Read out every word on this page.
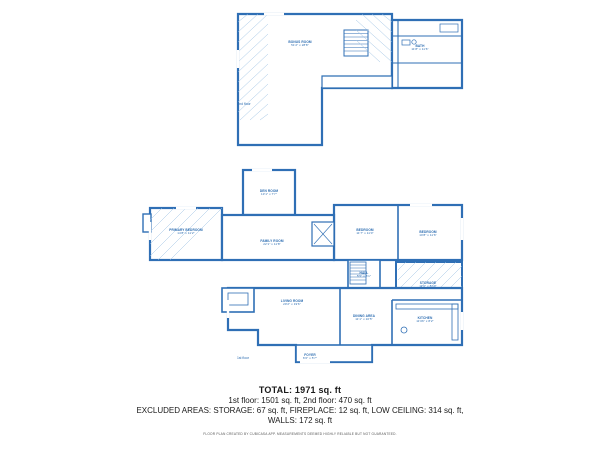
2nd floor
1st floor
BONUS ROOM
51'2" x 28'8"	BATH
11'8" x 11'6"
DEN ROOM
13'1" x 7'7"
PRIMARY BEDROOM
14'8" x 11'2"
FAMILY ROOM
22'1" x 11'8"
BEDROOM
11'7" x 11'0"	BEDROOM
10'8" x 11'6"
HALL
5'5" x 5'1"
STORAGE
11'6" x 8'10"
LIVING ROOM
20'2" x 19'6"
DINING AREA
11'1" x 10'5"	KITCHEN
11'06" x 8'2"
FOYER
6'6" x 5'7"
TOTAL: 1971 sq. ft
1st floor: 1501 sq. ft, 2nd floor: 470 sq. ft
EXCLUDED AREAS: STORAGE: 67 sq. ft, FIREPLACE: 12 sq. ft, LOW CEILING: 314 sq. ft,
WALLS: 172 sq. ft
FLOOR PLAN CREATED BY CUBICASA APP. MEASUREMENTS DEEMED HIGHLY RELIABLE BUT NOT GUARANTEED.
